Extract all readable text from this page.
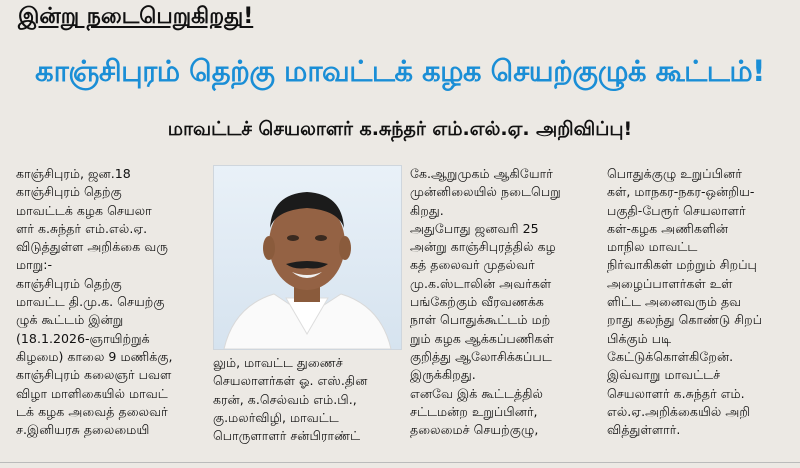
இன்று நடைபெறுகிறது!
காஞ்சிபுரம் தெற்கு மாவட்டக் கழக செயற்குழுக் கூட்டம்!
மாவட்டச் செயலாளர் க.சுந்தர் எம்.எல்.ஏ. அறிவிப்பு!
காஞ்சிபுரம், ஜன.18
காஞ்சிபுரம் தெற்கு
மாவட்டக் கழக செயலா
ளர் க.சுந்தர் எம்.எல்.ஏ.
விடுத்துள்ள அறிக்கை வரு
மாறு:-
காஞ்சிபுரம் தெற்கு
மாவட்ட தி.மு.க. செயற்கு
ழுக் கூட்டம் இன்று
(18.1.2026-ஞாயிற்றுக்
கிழமை) காலை 9 மணிக்கு,
காஞ்சிபுரம் கலைஞர் பவள
விழா மாளிகையில் மாவட்
டக் கழக அவைத் தலைவர்
ச.இனியரசு தலைமையி
லும், மாவட்ட துணைச்
செயலாளர்கள் ஓ. எஸ்.தின
கரன், க.செல்வம் எம்.பி.,
கு.மலர்விழி, மாவட்ட
பொருளாளர் சன்பிராண்ட்
கே.ஆறுமுகம் ஆகியோர்
முன்னிலையில் நடைபெறு
கிறது.
அதுபோது ஜனவரி 25
அன்று காஞ்சிபுரத்தில் கழ
கத் தலைவர் முதல்வர்
மு.க.ஸ்டாலின் அவர்கள்
பங்கேற்கும் வீரவணக்க
நாள் பொதுக்கூட்டம் மற்
றும் கழக ஆக்கப்பணிகள்
குறித்து ஆலோசிக்கப்பட
இருக்கிறது.
எனவே இக் கூட்டத்தில்
சட்டமன்ற உறுப்பினர்,
தலைமைச் செயற்குழு,
பொதுக்குழு உறுப்பினர்
கள், மாநகர-நகர-ஒன்றிய-
பகுதி-பேரூர் செயலாளர்
கள்-கழக அணிகளின்
மாநில மாவட்ட
நிர்வாகிகள் மற்றும் சிறப்பு
அழைப்பாளர்கள் உள்
ளிட்ட அனைவரும் தவ
றாது கலந்து கொண்டு சிறப்
பிக்கும் படி
கேட்டுக்கொள்கிறேன்.
இவ்வாறு மாவட்டச்
செயலாளர் க.சுந்தர் எம்.
எல்.ஏ.அறிக்கையில் அறி
வித்துள்ளார்.
